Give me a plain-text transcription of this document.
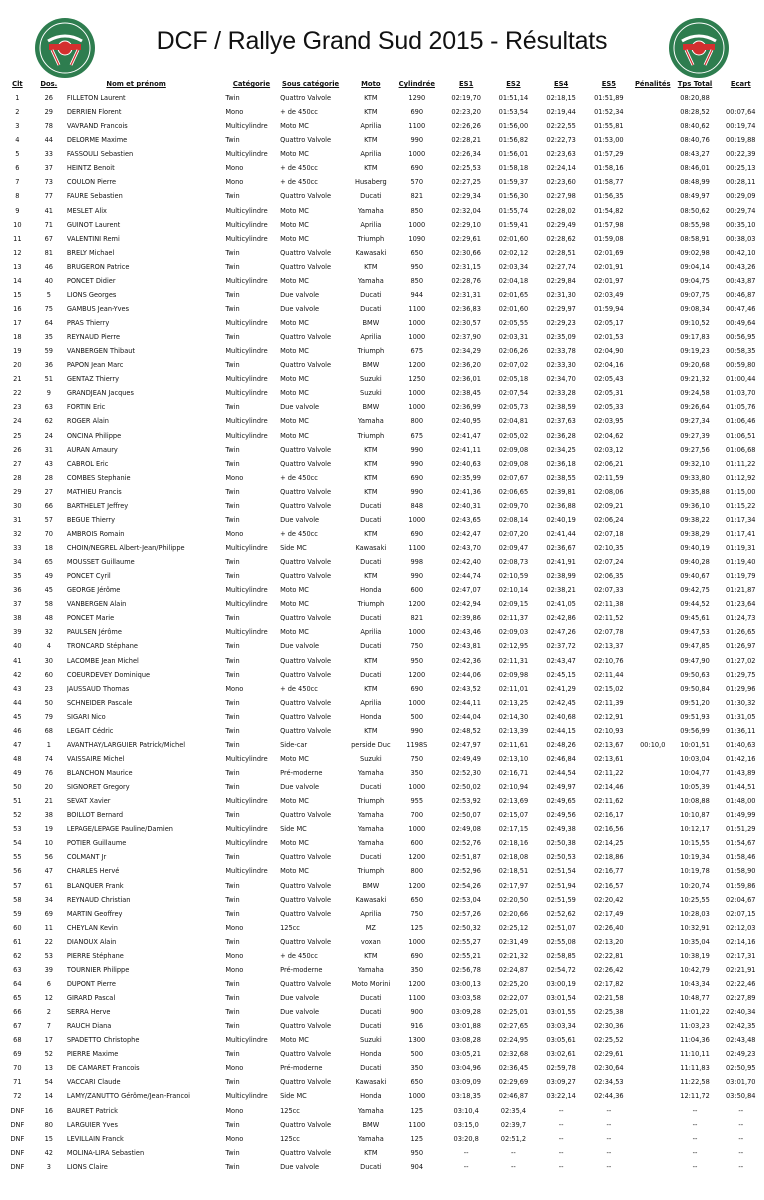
DCF / Rallye Grand Sud 2015 - Résultats
Clt	Dos.	Nom et prénom	Catégorie	Sous catégorie	Moto	Cylindrée	ES1	ES2	ES4	ES5	Pénalités	Tps Total	Ecart
1	26	FILLETON Laurent	Twin	Quattro Valvole	KTM	1290	02:19,70	01:51,14	02:18,15	01:51,89		08:20,88	
2	29	DERRIEN Florent	Mono	+ de 450cc	KTM	690	02:23,20	01:53,54	02:19,44	01:52,34		08:28,52	00:07,64
3	78	VAVRAND Francois	Multicylindre	Moto MC	Aprilia	1100	02:26,26	01:56,00	02:22,55	01:55,81		08:40,62	00:19,74
4	44	DELORME Maxime	Twin	Quattro Valvole	KTM	990	02:28,21	01:56,82	02:22,73	01:53,00		08:40,76	00:19,88
5	33	FASSOULI Sebastien	Multicylindre	Moto MC	Aprilia	1000	02:26,34	01:56,01	02:23,63	01:57,29		08:43,27	00:22,39
6	37	HEINTZ Benoit	Mono	+ de 450cc	KTM	690	02:25,53	01:58,18	02:24,14	01:58,16		08:46,01	00:25,13
7	73	COULON Pierre	Mono	+ de 450cc	Husaberg	570	02:27,25	01:59,37	02:23,60	01:58,77		08:48,99	00:28,11
8	77	FAURE Sebastien	Twin	Quattro Valvole	Ducati	821	02:29,34	01:56,30	02:27,98	01:56,35		08:49,97	00:29,09
9	41	MESLET Alix	Multicylindre	Moto MC	Yamaha	850	02:32,04	01:55,74	02:28,02	01:54,82		08:50,62	00:29,74
10	71	GUINOT Laurent	Multicylindre	Moto MC	Aprilia	1000	02:29,10	01:59,41	02:29,49	01:57,98		08:55,98	00:35,10
11	67	VALENTINI Remi	Multicylindre	Moto MC	Triumph	1090	02:29,61	02:01,60	02:28,62	01:59,08		08:58,91	00:38,03
12	81	BRELY Michael	Twin	Quattro Valvole	Kawasaki	650	02:30,66	02:02,12	02:28,51	02:01,69		09:02,98	00:42,10
13	46	BRUGERON Patrice	Twin	Quattro Valvole	KTM	950	02:31,15	02:03,34	02:27,74	02:01,91		09:04,14	00:43,26
14	40	PONCET Didier	Multicylindre	Moto MC	Yamaha	850	02:28,76	02:04,18	02:29,84	02:01,97		09:04,75	00:43,87
15	5	LIONS Georges	Twin	Due valvole	Ducati	944	02:31,31	02:01,65	02:31,30	02:03,49		09:07,75	00:46,87
16	75	GAMBUS Jean-Yves	Twin	Due valvole	Ducati	1100	02:36,83	02:01,60	02:29,97	01:59,94		09:08,34	00:47,46
17	64	PRAS Thierry	Multicylindre	Moto MC	BMW	1000	02:30,57	02:05,55	02:29,23	02:05,17		09:10,52	00:49,64
18	35	REYNAUD Pierre	Twin	Quattro Valvole	Aprilia	1000	02:37,90	02:03,31	02:35,09	02:01,53		09:17,83	00:56,95
19	59	VANBERGEN Thibaut	Multicylindre	Moto MC	Triumph	675	02:34,29	02:06,26	02:33,78	02:04,90		09:19,23	00:58,35
20	36	PAPON Jean Marc	Twin	Quattro Valvole	BMW	1200	02:36,20	02:07,02	02:33,30	02:04,16		09:20,68	00:59,80
21	51	GENTAZ Thierry	Multicylindre	Moto MC	Suzuki	1250	02:36,01	02:05,18	02:34,70	02:05,43		09:21,32	01:00,44
22	9	GRANDJEAN Jacques	Multicylindre	Moto MC	Suzuki	1000	02:38,45	02:07,54	02:33,28	02:05,31		09:24,58	01:03,70
23	63	FORTIN Eric	Twin	Due valvole	BMW	1000	02:36,99	02:05,73	02:38,59	02:05,33		09:26,64	01:05,76
24	62	ROGER Alain	Multicylindre	Moto MC	Yamaha	800	02:40,95	02:04,81	02:37,63	02:03,95		09:27,34	01:06,46
25	24	ONCINA Philippe	Multicylindre	Moto MC	Triumph	675	02:41,47	02:05,02	02:36,28	02:04,62		09:27,39	01:06,51
26	31	AURAN Amaury	Twin	Quattro Valvole	KTM	990	02:41,11	02:09,08	02:34,25	02:03,12		09:27,56	01:06,68
27	43	CABROL Eric	Twin	Quattro Valvole	KTM	990	02:40,63	02:09,08	02:36,18	02:06,21		09:32,10	01:11,22
28	28	COMBES Stephanie	Mono	+ de 450cc	KTM	690	02:35,99	02:07,67	02:38,55	02:11,59		09:33,80	01:12,92
29	27	MATHIEU Francis	Twin	Quattro Valvole	KTM	990	02:41,36	02:06,65	02:39,81	02:08,06		09:35,88	01:15,00
30	66	BARTHELET Jeffrey	Twin	Quattro Valvole	Ducati	848	02:40,31	02:09,70	02:36,88	02:09,21		09:36,10	01:15,22
31	57	BEGUE Thierry	Twin	Due valvole	Ducati	1000	02:43,65	02:08,14	02:40,19	02:06,24		09:38,22	01:17,34
32	70	AMBROIS Romain	Mono	+ de 450cc	KTM	690	02:42,47	02:07,20	02:41,44	02:07,18		09:38,29	01:17,41
33	18	CHOIN/NEGREL Albert-Jean/Philippe	Multicylindre	Side MC	Kawasaki	1100	02:43,70	02:09,47	02:36,67	02:10,35		09:40,19	01:19,31
34	65	MOUSSET Guillaume	Twin	Quattro Valvole	Ducati	998	02:42,40	02:08,73	02:41,91	02:07,24		09:40,28	01:19,40
35	49	PONCET Cyril	Twin	Quattro Valvole	KTM	990	02:44,74	02:10,59	02:38,99	02:06,35		09:40,67	01:19,79
36	45	GEORGE Jérôme	Multicylindre	Moto MC	Honda	600	02:47,07	02:10,14	02:38,21	02:07,33		09:42,75	01:21,87
37	58	VANBERGEN Alain	Multicylindre	Moto MC	Triumph	1200	02:42,94	02:09,15	02:41,05	02:11,38		09:44,52	01:23,64
38	48	PONCET Marie	Twin	Quattro Valvole	Ducati	821	02:39,86	02:11,37	02:42,86	02:11,52		09:45,61	01:24,73
39	32	PAULSEN Jérôme	Multicylindre	Moto MC	Aprilia	1000	02:43,46	02:09,03	02:47,26	02:07,78		09:47,53	01:26,65
40	4	TRONCARD Stéphane	Twin	Due valvole	Ducati	750	02:43,81	02:12,95	02:37,72	02:13,37		09:47,85	01:26,97
41	30	LACOMBE Jean Michel	Twin	Quattro Valvole	KTM	950	02:42,36	02:11,31	02:43,47	02:10,76		09:47,90	01:27,02
42	60	COEURDEVEY Dominique	Twin	Quattro Valvole	Ducati	1200	02:44,06	02:09,98	02:45,15	02:11,44		09:50,63	01:29,75
43	23	JAUSSAUD Thomas	Mono	+ de 450cc	KTM	690	02:43,52	02:11,01	02:41,29	02:15,02		09:50,84	01:29,96
44	50	SCHNEIDER Pascale	Twin	Quattro Valvole	Aprilia	1000	02:44,11	02:13,25	02:42,45	02:11,39		09:51,20	01:30,32
45	79	SIGARI Nico	Twin	Quattro Valvole	Honda	500	02:44,04	02:14,30	02:40,68	02:12,91		09:51,93	01:31,05
46	68	LEGAIT Cédric	Twin	Quattro Valvole	KTM	990	02:48,52	02:13,39	02:44,15	02:10,93		09:56,99	01:36,11
47	1	AVANTHAY/LARGUIER Patrick/Michel	Twin	Side-car	perside Duc	1198S	02:47,97	02:11,61	02:48,26	02:13,67	00:10,0	10:01,51	01:40,63
48	74	VAISSAIRE Michel	Multicylindre	Moto MC	Suzuki	750	02:49,49	02:13,10	02:46,84	02:13,61		10:03,04	01:42,16
49	76	BLANCHON Maurice	Twin	Pré-moderne	Yamaha	350	02:52,30	02:16,71	02:44,54	02:11,22		10:04,77	01:43,89
50	20	SIGNORET Gregory	Twin	Due valvole	Ducati	1000	02:50,02	02:10,94	02:49,97	02:14,46		10:05,39	01:44,51
51	21	SEVAT Xavier	Multicylindre	Moto MC	Triumph	955	02:53,92	02:13,69	02:49,65	02:11,62		10:08,88	01:48,00
52	38	BOILLOT Bernard	Twin	Quattro Valvole	Yamaha	700	02:50,07	02:15,07	02:49,56	02:16,17		10:10,87	01:49,99
53	19	LEPAGE/LEPAGE Pauline/Damien	Multicylindre	Side MC	Yamaha	1000	02:49,08	02:17,15	02:49,38	02:16,56		10:12,17	01:51,29
54	10	POTIER Guillaume	Multicylindre	Moto MC	Yamaha	600	02:52,76	02:18,16	02:50,38	02:14,25		10:15,55	01:54,67
55	56	COLMANT Jr	Twin	Quattro Valvole	Ducati	1200	02:51,87	02:18,08	02:50,53	02:18,86		10:19,34	01:58,46
56	47	CHARLES Hervé	Multicylindre	Moto MC	Triumph	800	02:52,96	02:18,51	02:51,54	02:16,77		10:19,78	01:58,90
57	61	BLANQUER Frank	Twin	Quattro Valvole	BMW	1200	02:54,26	02:17,97	02:51,94	02:16,57		10:20,74	01:59,86
58	34	REYNAUD Christian	Twin	Quattro Valvole	Kawasaki	650	02:53,04	02:20,50	02:51,59	02:20,42		10:25,55	02:04,67
59	69	MARTIN Geoffrey	Twin	Quattro Valvole	Aprilia	750	02:57,26	02:20,66	02:52,62	02:17,49		10:28,03	02:07,15
60	11	CHEYLAN Kevin	Mono	125cc	MZ	125	02:50,32	02:25,12	02:51,07	02:26,40		10:32,91	02:12,03
61	22	DIANOUX Alain	Twin	Quattro Valvole	voxan	1000	02:55,27	02:31,49	02:55,08	02:13,20		10:35,04	02:14,16
62	53	PIERRE Stéphane	Mono	+ de 450cc	KTM	690	02:55,21	02:21,32	02:58,85	02:22,81		10:38,19	02:17,31
63	39	TOURNIER Philippe	Mono	Pré-moderne	Yamaha	350	02:56,78	02:24,87	02:54,72	02:26,42		10:42,79	02:21,91
64	6	DUPONT Pierre	Twin	Quattro Valvole	Moto Morini	1200	03:00,13	02:25,20	03:00,19	02:17,82		10:43,34	02:22,46
65	12	GIRARD Pascal	Twin	Due valvole	Ducati	1100	03:03,58	02:22,07	03:01,54	02:21,58		10:48,77	02:27,89
66	2	SERRA Herve	Twin	Due valvole	Ducati	900	03:09,28	02:25,01	03:01,55	02:25,38		11:01,22	02:40,34
67	7	RAUCH Diana	Twin	Quattro Valvole	Ducati	916	03:01,88	02:27,65	03:03,34	02:30,36		11:03,23	02:42,35
68	17	SPADETTO Christophe	Multicylindre	Moto MC	Suzuki	1300	03:08,28	02:24,95	03:05,61	02:25,52		11:04,36	02:43,48
69	52	PIERRE Maxime	Twin	Quattro Valvole	Honda	500	03:05,21	02:32,68	03:02,61	02:29,61		11:10,11	02:49,23
70	13	DE CAMARET Francois	Mono	Pré-moderne	Ducati	350	03:04,96	02:36,45	02:59,78	02:30,64		11:11,83	02:50,95
71	54	VACCARI Claude	Twin	Quattro Valvole	Kawasaki	650	03:09,09	02:29,69	03:09,27	02:34,53		11:22,58	03:01,70
72	14	LAMY/ZANUTTO Gérôme/Jean-Francoi	Multicylindre	Side MC	Honda	1000	03:18,35	02:46,87	03:22,14	02:44,36		12:11,72	03:50,84
DNF	16	BAURET Patrick	Mono	125cc	Yamaha	125	03:10,4	02:35,4	--	--		--	--
DNF	80	LARGUIER Yves	Twin	Quattro Valvole	BMW	1100	03:15,0	02:39,7	--	--		--	--
DNF	15	LEVILLAIN Franck	Mono	125cc	Yamaha	125	03:20,8	02:51,2	--	--		--	--
DNF	42	MOLINA-LIRA Sebastien	Twin	Quattro Valvole	KTM	950	--	--	--	--		--	--
DNF	3	LIONS Claire	Twin	Due valvole	Ducati	904	--	--	--	--		--	--
